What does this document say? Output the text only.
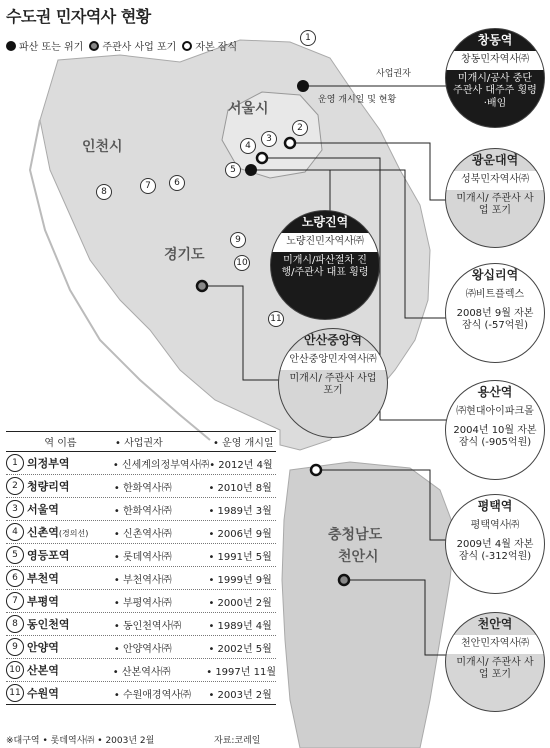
수도권 민자역사 현황
파산 또는 위기 주관사 사업 포기 자본 잠식
서울시
인천시
경기도
충청남도
천안시
사업권자
운영 개시일 및 현황
1
2
3
4
5
6
7
8
9
10
11
창동역
창동민자역사㈜
미개시/공사 중단 주관사 대주주 횡령·배임
광운대역
성북민자역사㈜
미개시/ 주관사 사업 포기
노량진역
노량진민자역사㈜
미개시/파산절차 진행/주관사 대표 횡령	왕십리역
㈜비트플렉스
2008년 9월 자본 잠식 (-57억원)
안산중앙역
안산중앙민자역사㈜
미개시/ 주관사 사업 포기	용산역
㈜현대아이파크몰
2004년 10월 자본 잠식 (-905억원)
평택역
평택역사㈜
2009년 4월 자본 잠식 (-312억원)
천안역
천안민자역사㈜
미개시/ 주관사 사업 포기
역 이름	• 사업권자	• 운영 개시일
1 의정부역	• 신세계의정부역사㈜ • 2012년 4월
2 청량리역	• 한화역사㈜	• 2010년 8월
3 서울역	• 한화역사㈜	• 1989년 3월
4 신촌역(경의선)	• 신촌역사㈜	• 2006년 9월
5 영등포역	• 롯데역사㈜	• 1991년 5월
6 부천역	• 부천역사㈜	• 1999년 9월
7 부평역	• 부평역사㈜	• 2000년 2월
8 동인천역	• 동인천역사㈜	• 1989년 4월
9 안양역	• 안양역사㈜	• 2002년 5월
10 산본역	• 산본역사㈜	• 1997년 11월
11 수원역	• 수원애경역사㈜	• 2003년 2월
※대구역 • 롯데역사㈜ • 2003년 2월	자료:코레일
